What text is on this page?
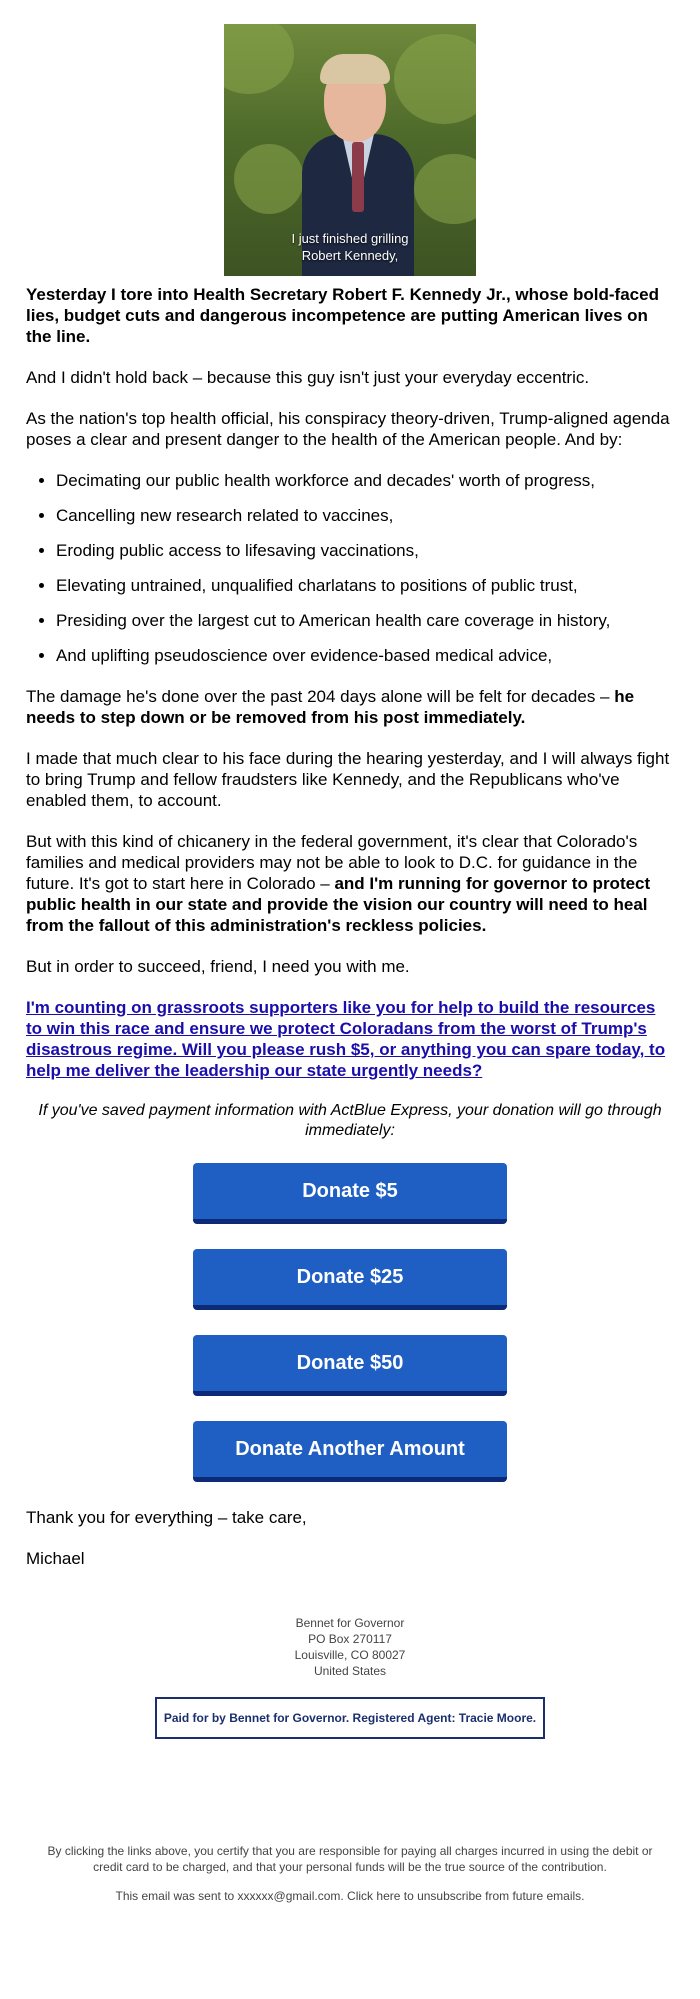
I just finished grilling
Robert Kennedy,

Yesterday I tore into Health Secretary Robert F. Kennedy Jr., whose bold-faced lies, budget cuts and dangerous incompetence are putting American lives on the line.

And I didn't hold back – because this guy isn't just your everyday eccentric.

As the nation's top health official, his conspiracy theory-driven, Trump-aligned agenda poses a clear and present danger to the health of the American people. And by:

• Decimating our public health workforce and decades' worth of progress,
• Cancelling new research related to vaccines,
• Eroding public access to lifesaving vaccinations,
• Elevating untrained, unqualified charlatans to positions of public trust,
• Presiding over the largest cut to American health care coverage in history,
• And uplifting pseudoscience over evidence-based medical advice,

The damage he's done over the past 204 days alone will be felt for decades – he needs to step down or be removed from his post immediately.

I made that much clear to his face during the hearing yesterday, and I will always fight to bring Trump and fellow fraudsters like Kennedy, and the Republicans who've enabled them, to account.

But with this kind of chicanery in the federal government, it's clear that Colorado's families and medical providers may not be able to look to D.C. for guidance in the future. It's got to start here in Colorado – and I'm running for governor to protect public health in our state and provide the vision our country will need to heal from the fallout of this administration's reckless policies.

But in order to succeed, friend, I need you with me.

I'm counting on grassroots supporters like you for help to build the resources to win this race and ensure we protect Coloradans from the worst of Trump's disastrous regime. Will you please rush $5, or anything you can spare today, to help me deliver the leadership our state urgently needs?

If you've saved payment information with ActBlue Express, your donation will go through immediately:
Donate $5
Donate $25
Donate $50
Donate Another Amount

Thank you for everything – take care,

Michael

Bennet for Governor
PO Box 270117
Louisville, CO 80027
United States
Paid for by Bennet for Governor. Registered Agent: Tracie Moore.
By clicking the links above, you certify that you are responsible for paying all charges incurred in using the debit or credit card to be charged, and that your personal funds will be the true source of the contribution.
This email was sent to xxxxxx@gmail.com. Click here to unsubscribe from future emails.
